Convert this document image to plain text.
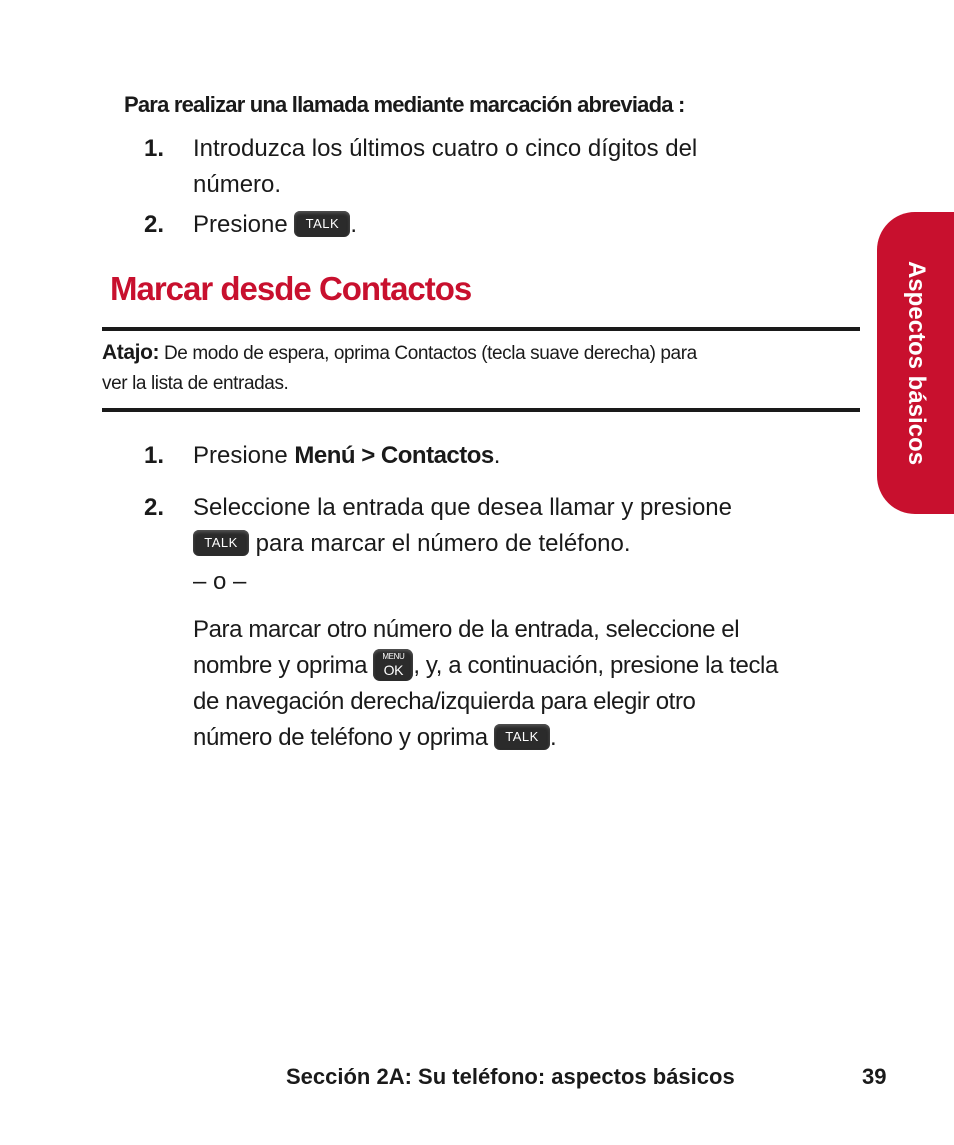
Para realizar una llamada mediante marcación abreviada :
1. Introduzca los últimos cuatro o cinco dígitos del
número.
2. Presione TALK .
Marcar desde Contactos
Atajo: De modo de espera, oprima Contactos (tecla suave derecha) para
ver la lista de entradas.
1. Presione Menú > Contactos.
2. Seleccione la entrada que desea llamar y presione
TALK para marcar el número de teléfono.
– o –
Para marcar otro número de la entrada, seleccione el
nombre y oprima	MENU
OK , y, a continuación, presione la tecla
de navegación derecha/izquierda para elegir otro
número de teléfono y oprima TALK .
Aspectos básicos
Sección 2A: Su teléfono: aspectos básicos	39
